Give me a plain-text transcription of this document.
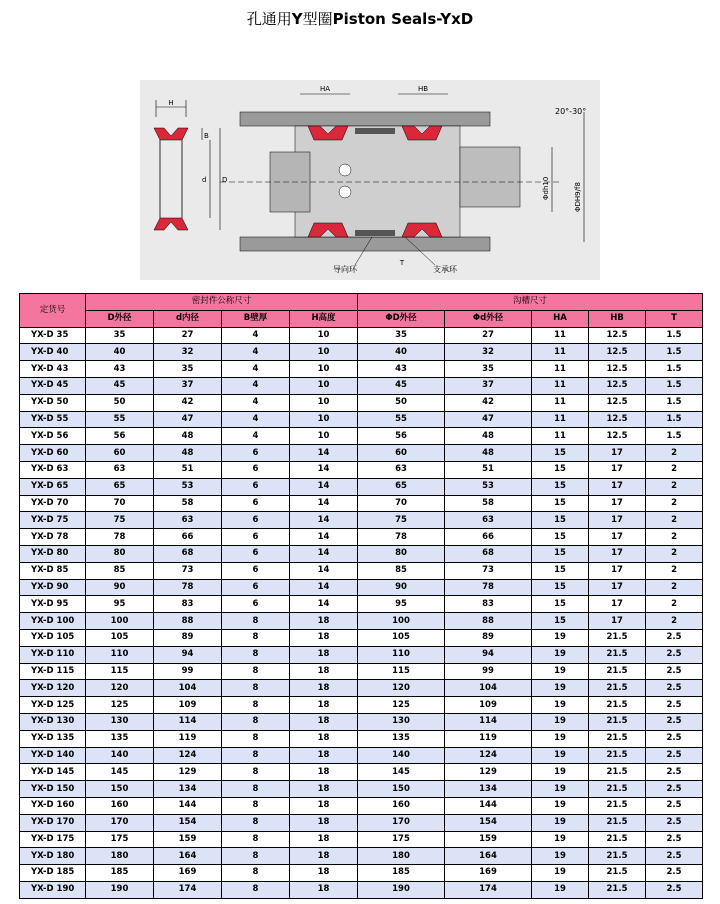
孔通用Y型圈Piston Seals-YxD
H
B
d D
HA	HB
20°-30°
Φdh10	ΦDH9/f8
T
导向环	支承环
定货号	密封件公称尺寸				沟槽尺寸				
	D外径	d内径	B壁厚	H高度	ΦD外径	Φd外径	HA	HB	T
YX-D 35	35	27	4	10	35	27	11	12.5	1.5
YX-D 40	40	32	4	10	40	32	11	12.5	1.5
YX-D 43	43	35	4	10	43	35	11	12.5	1.5
YX-D 45	45	37	4	10	45	37	11	12.5	1.5
YX-D 50	50	42	4	10	50	42	11	12.5	1.5
YX-D 55	55	47	4	10	55	47	11	12.5	1.5
YX-D 56	56	48	4	10	56	48	11	12.5	1.5
YX-D 60	60	48	6	14	60	48	15	17	2
YX-D 63	63	51	6	14	63	51	15	17	2
YX-D 65	65	53	6	14	65	53	15	17	2
YX-D 70	70	58	6	14	70	58	15	17	2
YX-D 75	75	63	6	14	75	63	15	17	2
YX-D 78	78	66	6	14	78	66	15	17	2
YX-D 80	80	68	6	14	80	68	15	17	2
YX-D 85	85	73	6	14	85	73	15	17	2
YX-D 90	90	78	6	14	90	78	15	17	2
YX-D 95	95	83	6	14	95	83	15	17	2
YX-D 100	100	88	8	18	100	88	15	17	2
YX-D 105	105	89	8	18	105	89	19	21.5	2.5
YX-D 110	110	94	8	18	110	94	19	21.5	2.5
YX-D 115	115	99	8	18	115	99	19	21.5	2.5
YX-D 120	120	104	8	18	120	104	19	21.5	2.5
YX-D 125	125	109	8	18	125	109	19	21.5	2.5
YX-D 130	130	114	8	18	130	114	19	21.5	2.5
YX-D 135	135	119	8	18	135	119	19	21.5	2.5
YX-D 140	140	124	8	18	140	124	19	21.5	2.5
YX-D 145	145	129	8	18	145	129	19	21.5	2.5
YX-D 150	150	134	8	18	150	134	19	21.5	2.5
YX-D 160	160	144	8	18	160	144	19	21.5	2.5
YX-D 170	170	154	8	18	170	154	19	21.5	2.5
YX-D 175	175	159	8	18	175	159	19	21.5	2.5
YX-D 180	180	164	8	18	180	164	19	21.5	2.5
YX-D 185	185	169	8	18	185	169	19	21.5	2.5
YX-D 190	190	174	8	18	190	174	19	21.5	2.5
